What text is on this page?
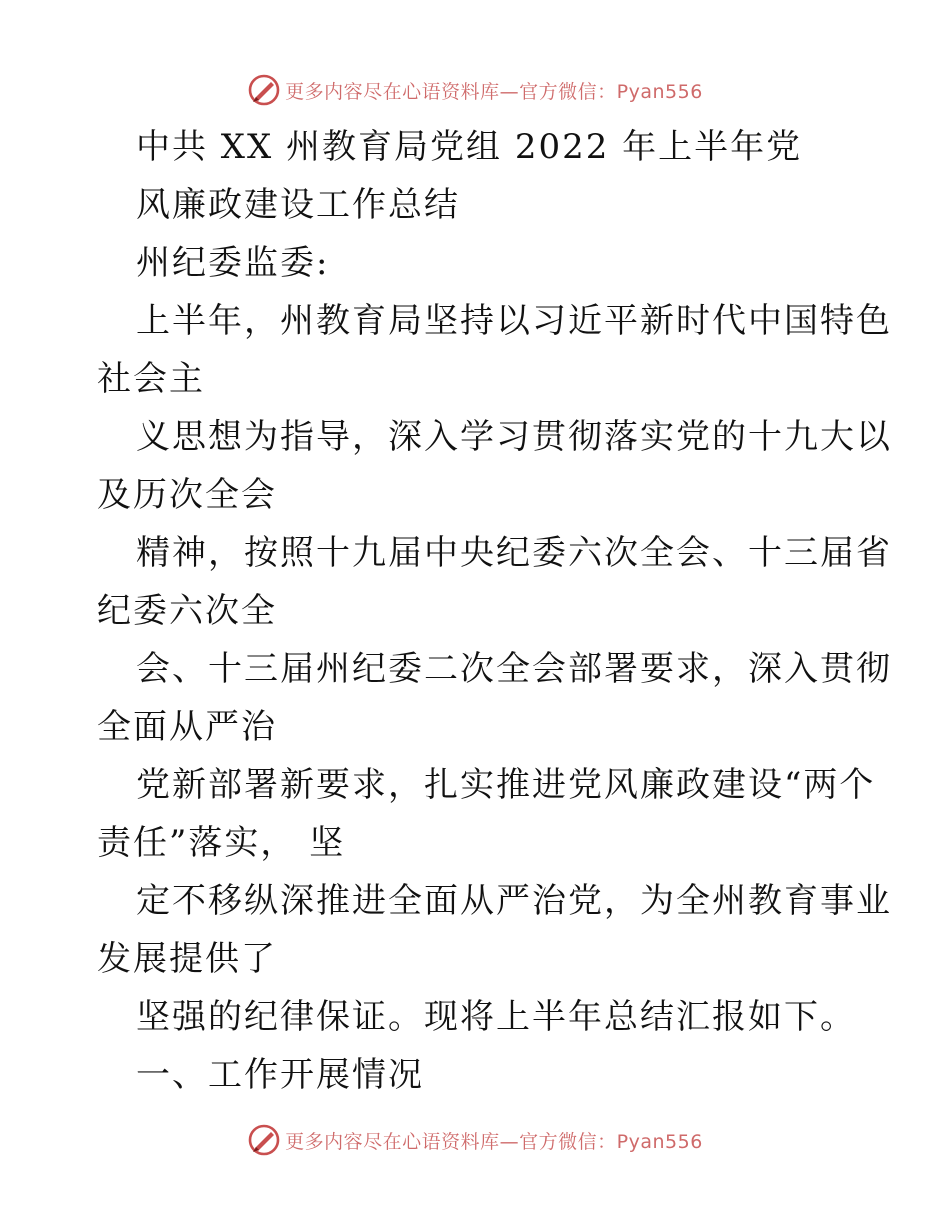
更多内容尽在心语资料库—官方微信：Pyan556
中共 XX 州教育局党组 2022 年上半年党
风廉政建设工作总结
州纪委监委:
上半年，州教育局坚持以习近平新时代中国特色
社会主
义思想为指导，深入学习贯彻落实党的十九大以
及历次全会
精神，按照十九届中央纪委六次全会、十三届省
纪委六次全
会、十三届州纪委二次全会部署要求，深入贯彻
全面从严治
党新部署新要求，扎实推进党风廉政建设“两个
责任”落实， 坚
定不移纵深推进全面从严治党，为全州教育事业
发展提供了
坚强的纪律保证。现将上半年总结汇报如下。
一、工作开展情况
更多内容尽在心语资料库—官方微信：Pyan556
